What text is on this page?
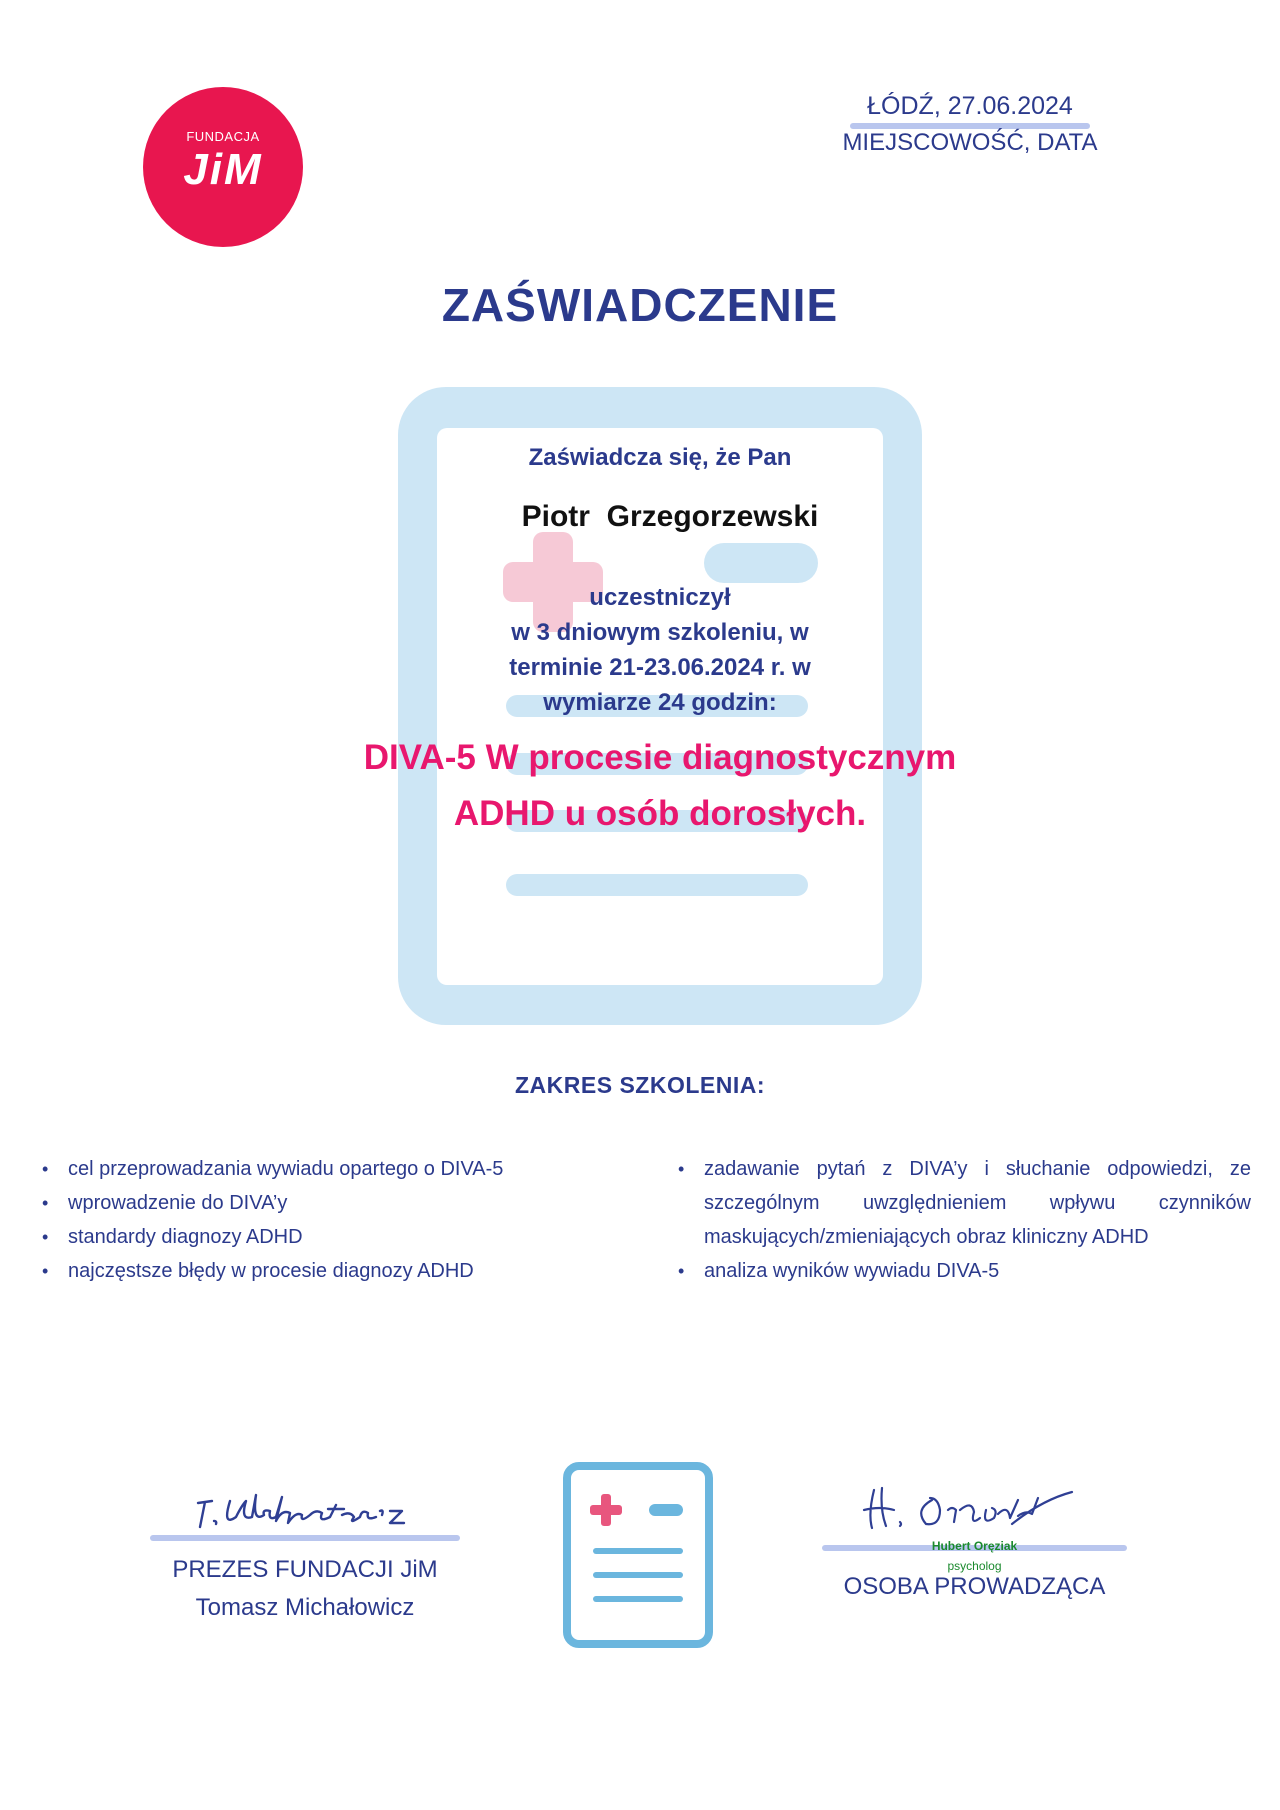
FUNDACJA
JiM
ŁÓDŹ, 27.06.2024
MIEJSCOWOŚĆ, DATA
ZAŚWIADCZENIE
Zaświadcza się, że Pan
Piotr  Grzegorzewski
uczestniczył
w 3 dniowym szkoleniu, w
terminie 21-23.06.2024 r. w
wymiarze 24 godzin:
DIVA-5 W procesie diagnostycznym
ADHD u osób dorosłych.
ZAKRES SZKOLENIA:
• cel przeprowadzania wywiadu opartego o DIVA-5
• wprowadzenie do DIVA’y
• standardy diagnozy ADHD
• najczęstsze błędy w procesie diagnozy ADHD
• zadawanie pytań z DIVA’y i słuchanie odpowiedzi, ze szczególnym uwzględnieniem wpływu czynników maskujących/zmieniających obraz kliniczny ADHD
• analiza wyników wywiadu DIVA-5
PREZES FUNDACJI JiM
Tomasz Michałowicz
Hubert Oręziak
psycholog
OSOBA PROWADZĄCA
